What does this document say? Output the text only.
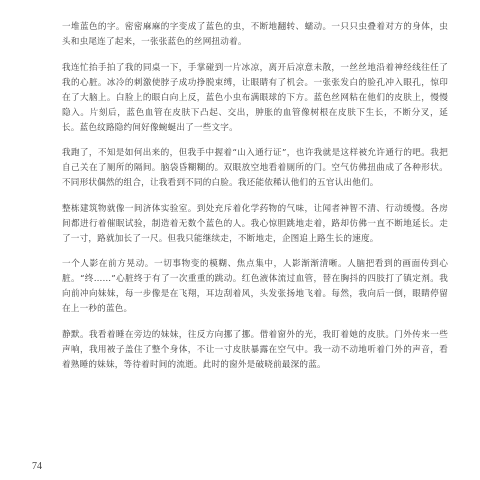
一堆蓝色的字。密密麻麻的字变成了蓝色的虫，不断地翻转、蠕动。一只只虫叠着对方的身体，虫头和虫尾连了起来，一张张蓝色的丝网扭动着。

我连忙抬手拍了我的同桌一下，手掌碰到一片冰凉，离开后凉意未散，一丝丝地沿着神经线往任了我的心脏。冰冷的刺激使脖子成功挣脱束缚，让眼睛有了机会。一张张发白的脸孔冲入眼孔，惊印在了大脑上。白脸上的眼白向上反，蓝色小虫布满眼球的下方。蓝色丝网粘在他们的皮肤上，慢慢隐入。片刻后，蓝色血管在皮肤下凸起、交出，肿胀的血管像树根在皮肤下生长，不断分叉，延长。蓝色纹路隐约间好像蜿蜒出了一些文字。

我跑了，不知是如何出来的，但我手中握着“山入通行证”，也许我就是这样被允许通行的吧。我把自己关在了厕所的隔间。脑袋昏糊糊的。双眼放空地看着厕所的门。空气仿佛扭曲成了各种形状。不同形状偶然的组合，让我看到不同的白脸。我还能依稀认他们的五官认出他们。

整栋建筑物就像一间济体实验室。到处充斥着化学药物的气味，让闻者神智不清、行动缓慢。各房间都进行着催眠试验，制造着无数个蓝色的人。我心惊胆跳地走着，路却仿佛一直不断地延长。走了一寸，路就加长了一尺。但我只能继续走，不断地走，企图追上路生长的速度。

一个人影在前方晃动。一切事物变的模糊、焦点集中，人影渐渐清晰。人脑把看到的画面传到心脏。“终……”心脏终于有了一次重重的跳动。红色液体流过血管，替在胸抖的四肢打了镇定剂。我向前冲向妹妹，每一步像是在飞翔，耳边刮着风，头发张扬地飞着。每然，我向后一倒，眼睛停留在上一秒的蓝色。

静默。我看着睡在旁边的妹妹，往反方向挪了挪。借着窗外的光，我盯着她的皮肤。门外传来一些声响，我用被子盖住了整个身体，不让一寸皮肤暴露在空气中。我一动不动地听着门外的声音，看着熟睡的妹妹，等待着时间的流逝。此时的窗外是破晓前最深的蓝。

74
